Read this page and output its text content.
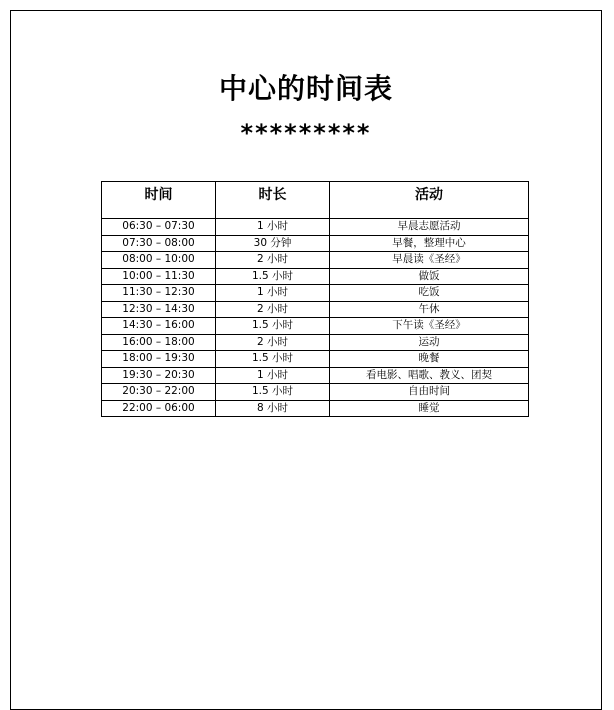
中心的时间表
*********
时间	时长	活动
06:30 – 07:30	1 小时	早晨志愿活动
07:30 – 08:00	30 分钟	早餐，整理中心
08:00 – 10:00	2 小时	早晨读《圣经》
10:00 – 11:30	1.5 小时	做饭
11:30 – 12:30	1 小时	吃饭
12:30 – 14:30	2 小时	午休
14:30 – 16:00	1.5 小时	下午读《圣经》
16:00 – 18:00	2 小时	运动
18:00 – 19:30	1.5 小时	晚餐
19:30 – 20:30	1 小时	看电影、唱歌、教义、团契
20:30 – 22:00	1.5 小时	自由时间
22:00 – 06:00	8 小时	睡觉
